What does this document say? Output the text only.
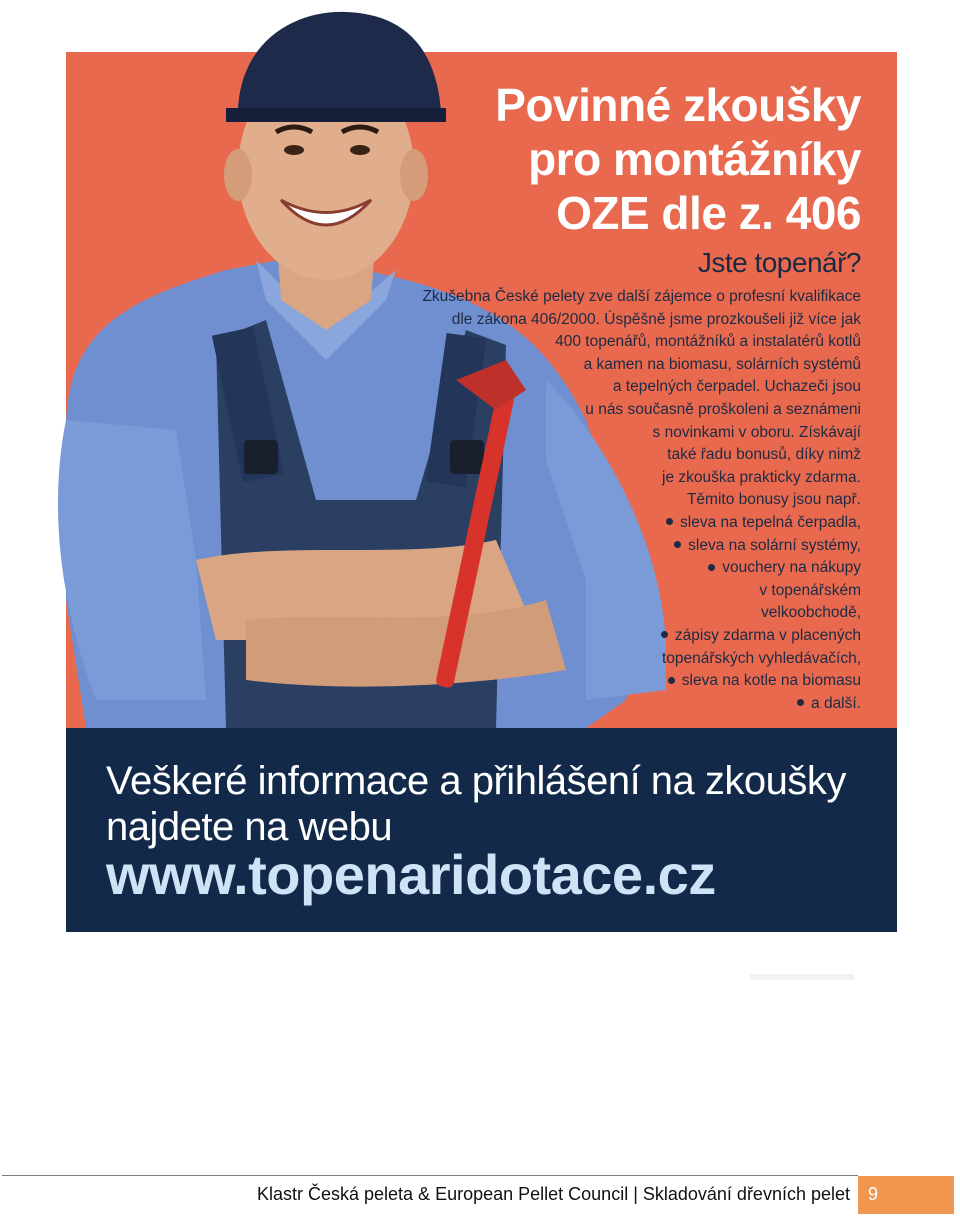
Povinné zkoušky
pro montážníky
OZE dle z. 406
Jste topenář?
Zkušebna České pelety zve další zájemce o profesní kvalifikace
dle zákona 406/2000. Úspěšně jsme prozkoušeli již více jak
400 topenářů, montážníků a instalatérů kotlů
a kamen na biomasu, solárních systémů
a tepelných čerpadel. Uchazeči jsou
u nás současně proškoleni a seznámeni
s novinkami v oboru. Získávají
také řadu bonusů, díky nimž
je zkouška prakticky zdarma.
Těmito bonusy jsou např.
sleva na tepelná čerpadla,
sleva na solární systémy,
vouchery na nákupy
v topenářském
velkoobchodě,
zápisy zdarma v placených
topenářských vyhledávačích,
sleva na kotle na biomasu
a další.
Veškeré informace a přihlášení na zkoušky
najdete na webu
www.topenaridotace.cz
Klastr Česká peleta & European Pellet Council | Skladování dřevních pelet 9
